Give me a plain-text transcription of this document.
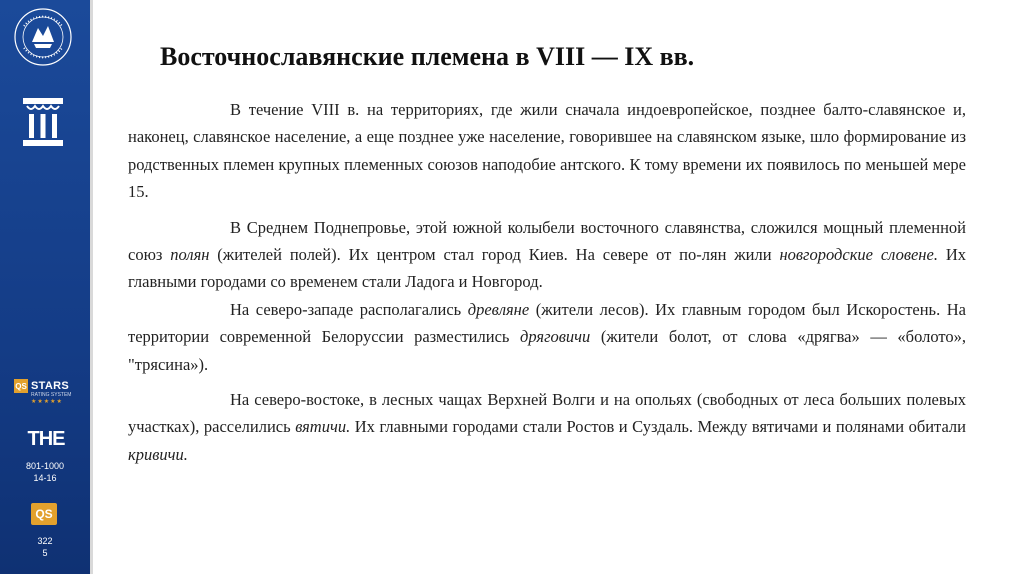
QS STARS
RATING SYSTEM
★★★★★
THE
801-1000
14-16
QS
322
5
Восточнославянские племена в VIII — IX вв.

В течение VIII в. на территориях, где жили сначала индоевропейское, позднее балто-славянское и, наконец, славянское население, а еще позднее уже население, говорившее на славянском языке, шло формирование из родственных племен крупных племенных союзов наподобие антского. К тому времени их появилось по меньшей мере 15.

В Среднем Поднепровье, этой южной колыбели восточного славянства, сложился мощный племенной союз полян (жителей полей). Их центром стал город Киев. На севере от по-лян жили новгородские словене. Их главными городами со временем стали Ладога и Новгород.

На северо-западе располагались древляне (жители лесов). Их главным городом был Искоростень. На территории современной Белоруссии разместились дряговичи (жители болот, от слова «дрягва» — «болото», "трясина»).

На северо-востоке, в лесных чащах Верхней Волги и на опольях (свободных от леса больших полевых участках), расселились вятичи. Их главными городами стали Ростов и Суздаль. Между вятичами и полянами обитали кривичи.
